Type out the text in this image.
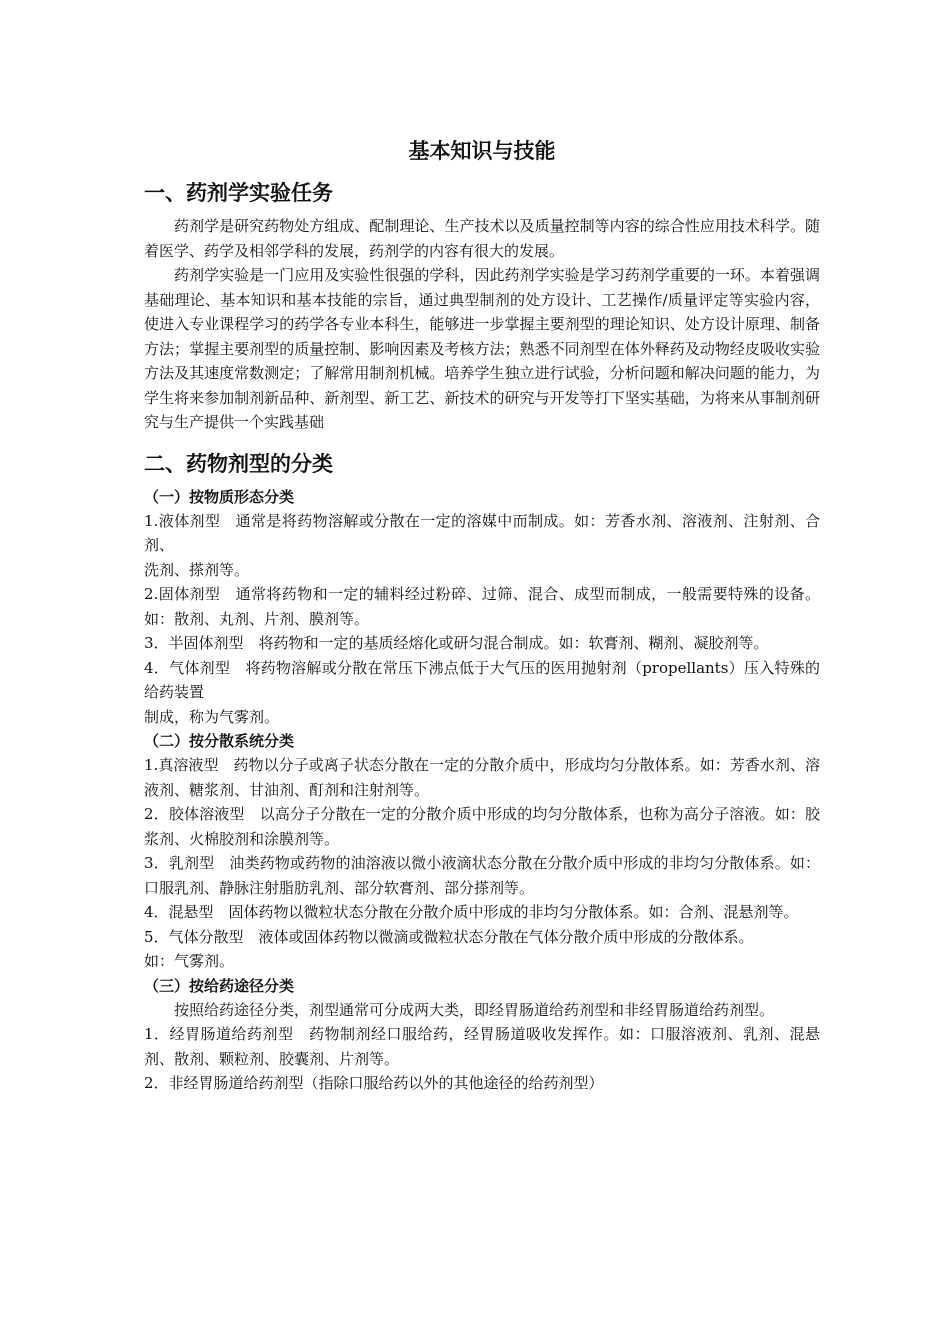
基本知识与技能
一、药剂学实验任务

药剂学是研究药物处方组成、配制理论、生产技术以及质量控制等内容的综合性应用技术科学。随着医学、药学及相邻学科的发展，药剂学的内容有很大的发展。

药剂学实验是一门应用及实验性很强的学科，因此药剂学实验是学习药剂学重要的一环。本着强调基础理论、基本知识和基本技能的宗旨，通过典型制剂的处方设计、工艺操作/质量评定等实验内容，使进入专业课程学习的药学各专业本科生，能够进一步掌握主要剂型的理论知识、处方设计原理、制备方法；掌握主要剂型的质量控制、影响因素及考核方法；熟悉不同剂型在体外释药及动物经皮吸收实验方法及其速度常数测定；了解常用制剂机械。培养学生独立进行试验，分析问题和解决问题的能力，为学生将来参加制剂新品种、新剂型、新工艺、新技术的研究与开发等打下坚实基础，为将来从事制剂研究与生产提供一个实践基础

二、药物剂型的分类
（一）按物质形态分类

1.液体剂型　通常是将药物溶解或分散在一定的溶媒中而制成。如：芳香水剂、溶液剂、注射剂、合剂、

洗剂、搽剂等。

2.固体剂型　通常将药物和一定的辅料经过粉碎、过筛、混合、成型而制成，一般需要特殊的设备。如：散剂、丸剂、片剂、膜剂等。

3．半固体剂型　将药物和一定的基质经熔化或研匀混合制成。如：软膏剂、糊剂、凝胶剂等。

4．气体剂型　将药物溶解或分散在常压下沸点低于大气压的医用抛射剂（propellants）压入特殊的给药装置

制成，称为气雾剂。

（二）按分散系统分类

1.真溶液型　药物以分子或离子状态分散在一定的分散介质中，形成均匀分散体系。如：芳香水剂、溶液剂、糖浆剂、甘油剂、酊剂和注射剂等。

2．胶体溶液型　以高分子分散在一定的分散介质中形成的均匀分散体系，也称为高分子溶液。如：胶浆剂、火棉胶剂和涂膜剂等。

3．乳剂型　油类药物或药物的油溶液以微小液滴状态分散在分散介质中形成的非均匀分散体系。如：口服乳剂、静脉注射脂肪乳剂、部分软膏剂、部分搽剂等。

4．混悬型　固体药物以微粒状态分散在分散介质中形成的非均匀分散体系。如：合剂、混悬剂等。

5．气体分散型　液体或固体药物以微滴或微粒状态分散在气体分散介质中形成的分散体系。

如：气雾剂。

（三）按给药途径分类

按照给药途径分类，剂型通常可分成两大类，即经胃肠道给药剂型和非经胃肠道给药剂型。

1．经胃肠道给药剂型　药物制剂经口服给药，经胃肠道吸收发挥作。如：口服溶液剂、乳剂、混悬剂、散剂、颗粒剂、胶囊剂、片剂等。

2．非经胃肠道给药剂型（指除口服给药以外的其他途径的给药剂型）
